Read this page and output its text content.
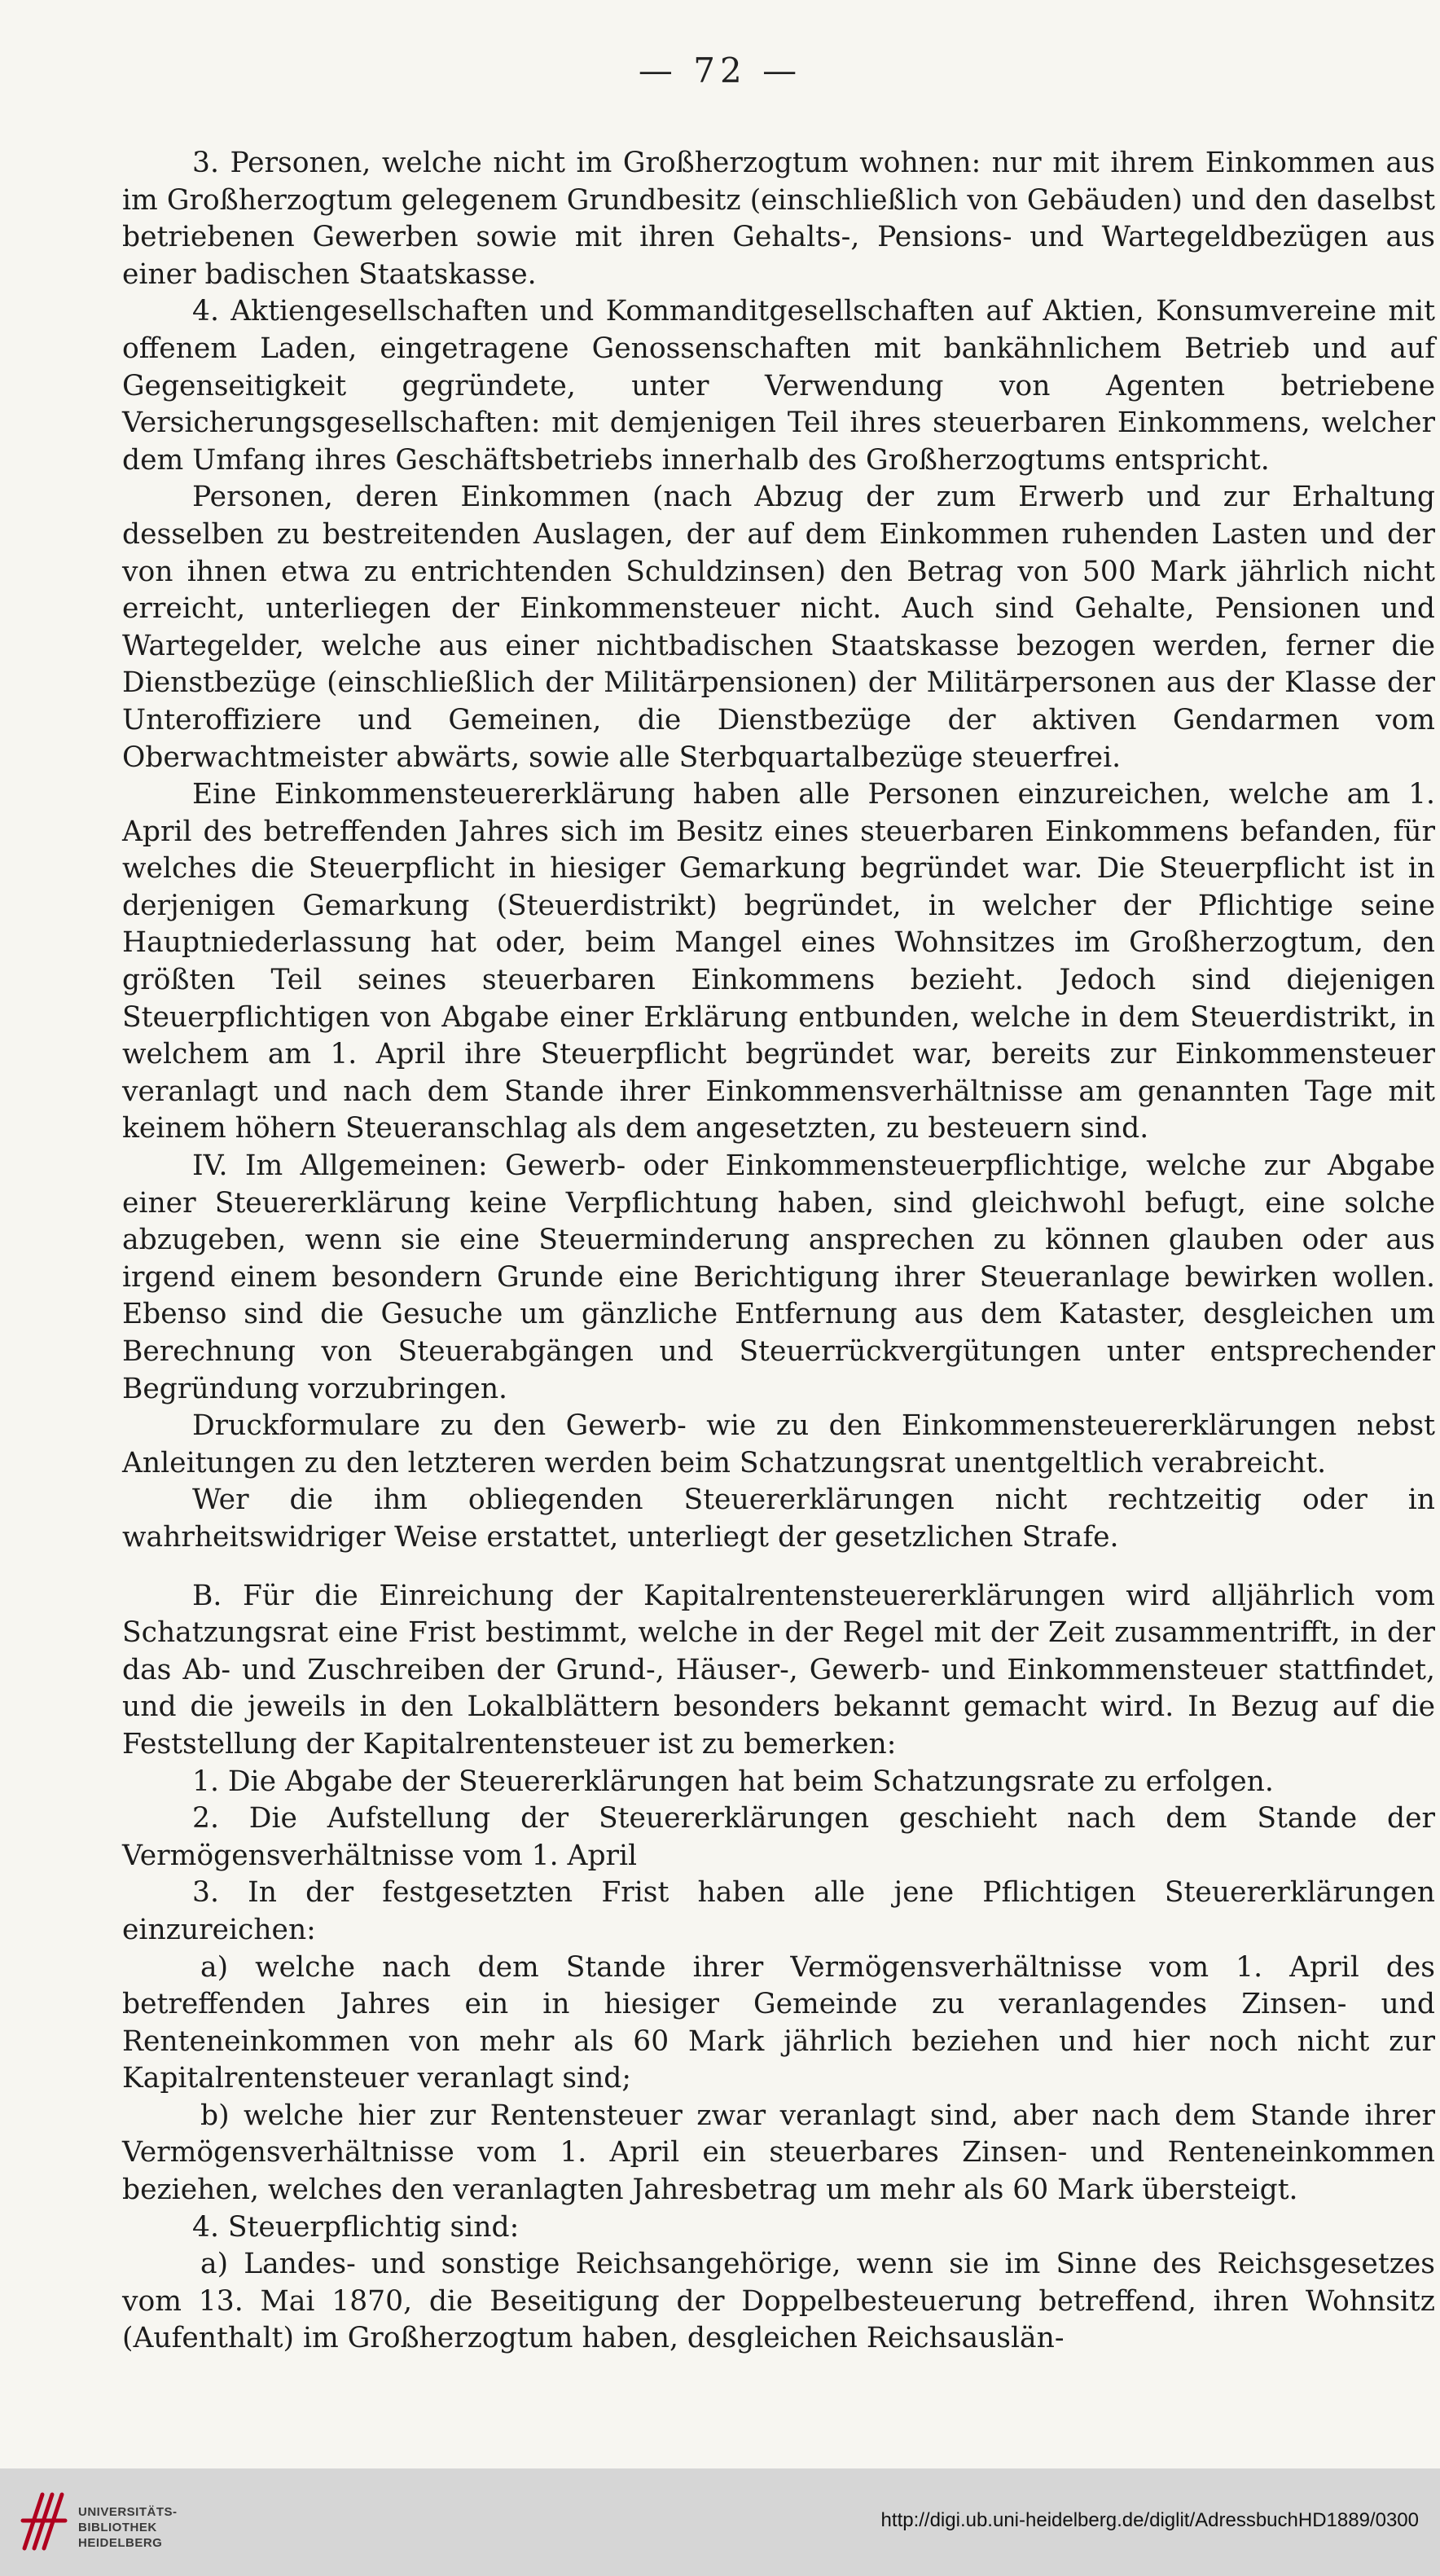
— 72 —

3. Personen, welche nicht im Großherzogtum wohnen: nur mit ihrem Einkommen aus im Großherzogtum gelegenem Grundbesitz (einschließlich von Gebäuden) und den daselbst betriebenen Gewerben sowie mit ihren Gehalts-, Pensions- und Wartegeldbezügen aus einer badischen Staatskasse.

4. Aktiengesellschaften und Kommanditgesellschaften auf Aktien, Konsumvereine mit offenem Laden, eingetragene Genossenschaften mit bankähnlichem Betrieb und auf Gegenseitigkeit gegründete, unter Verwendung von Agenten betriebene Versicherungsgesellschaften: mit demjenigen Teil ihres steuerbaren Einkommens, welcher dem Umfang ihres Geschäftsbetriebs innerhalb des Großherzogtums entspricht.

Personen, deren Einkommen (nach Abzug der zum Erwerb und zur Erhaltung desselben zu bestreitenden Auslagen, der auf dem Einkommen ruhenden Lasten und der von ihnen etwa zu entrichtenden Schuldzinsen) den Betrag von 500 Mark jährlich nicht erreicht, unterliegen der Einkommensteuer nicht. Auch sind Gehalte, Pensionen und Wartegelder, welche aus einer nichtbadischen Staatskasse bezogen werden, ferner die Dienstbezüge (einschließlich der Militärpensionen) der Militärpersonen aus der Klasse der Unteroffiziere und Gemeinen, die Dienstbezüge der aktiven Gendarmen vom Oberwachtmeister abwärts, sowie alle Sterbquartalbezüge steuerfrei.

Eine Einkommensteuererklärung haben alle Personen einzureichen, welche am 1. April des betreffenden Jahres sich im Besitz eines steuerbaren Einkommens befanden, für welches die Steuerpflicht in hiesiger Gemarkung begründet war. Die Steuerpflicht ist in derjenigen Gemarkung (Steuerdistrikt) begründet, in welcher der Pflichtige seine Hauptniederlassung hat oder, beim Mangel eines Wohnsitzes im Großherzogtum, den größten Teil seines steuerbaren Einkommens bezieht. Jedoch sind diejenigen Steuerpflichtigen von Abgabe einer Erklärung entbunden, welche in dem Steuerdistrikt, in welchem am 1. April ihre Steuerpflicht begründet war, bereits zur Einkommensteuer veranlagt und nach dem Stande ihrer Einkommensverhältnisse am genannten Tage mit keinem höhern Steueranschlag als dem angesetzten, zu besteuern sind.

IV. Im Allgemeinen: Gewerb- oder Einkommensteuerpflichtige, welche zur Abgabe einer Steuererklärung keine Verpflichtung haben, sind gleichwohl befugt, eine solche abzugeben, wenn sie eine Steuerminderung ansprechen zu können glauben oder aus irgend einem besondern Grunde eine Berichtigung ihrer Steueranlage bewirken wollen. Ebenso sind die Gesuche um gänzliche Entfernung aus dem Kataster, desgleichen um Berechnung von Steuerabgängen und Steuerrückvergütungen unter entsprechender Begründung vorzubringen.

Druckformulare zu den Gewerb- wie zu den Einkommensteuererklärungen nebst Anleitungen zu den letzteren werden beim Schatzungsrat unentgeltlich verabreicht.

Wer die ihm obliegenden Steuererklärungen nicht rechtzeitig oder in wahrheitswidriger Weise erstattet, unterliegt der gesetzlichen Strafe.

B. Für die Einreichung der Kapitalrentensteuererklärungen wird alljährlich vom Schatzungsrat eine Frist bestimmt, welche in der Regel mit der Zeit zusammentrifft, in der das Ab- und Zuschreiben der Grund-, Häuser-, Gewerb- und Einkommensteuer stattfindet, und die jeweils in den Lokalblättern besonders bekannt gemacht wird. In Bezug auf die Feststellung der Kapitalrentensteuer ist zu bemerken:

1. Die Abgabe der Steuererklärungen hat beim Schatzungsrate zu erfolgen.

2. Die Aufstellung der Steuererklärungen geschieht nach dem Stande der Vermögensverhältnisse vom 1. April

3. In der festgesetzten Frist haben alle jene Pflichtigen Steuererklärungen einzureichen:

a) welche nach dem Stande ihrer Vermögensverhältnisse vom 1. April des betreffenden Jahres ein in hiesiger Gemeinde zu veranlagendes Zinsen- und Renteneinkommen von mehr als 60 Mark jährlich beziehen und hier noch nicht zur Kapitalrentensteuer veranlagt sind;

b) welche hier zur Rentensteuer zwar veranlagt sind, aber nach dem Stande ihrer Vermögensverhältnisse vom 1. April ein steuerbares Zinsen- und Renteneinkommen beziehen, welches den veranlagten Jahresbetrag um mehr als 60 Mark übersteigt.

4. Steuerpflichtig sind:

a) Landes- und sonstige Reichsangehörige, wenn sie im Sinne des Reichsgesetzes vom 13. Mai 1870, die Beseitigung der Doppelbesteuerung betreffend, ihren Wohnsitz (Aufenthalt) im Großherzogtum haben, desgleichen Reichsauslän-

UNIVERSITÄTS-
BIBLIOTHEK
HEIDELBERG
http://digi.ub.uni-heidelberg.de/diglit/AdressbuchHD1889/0300
